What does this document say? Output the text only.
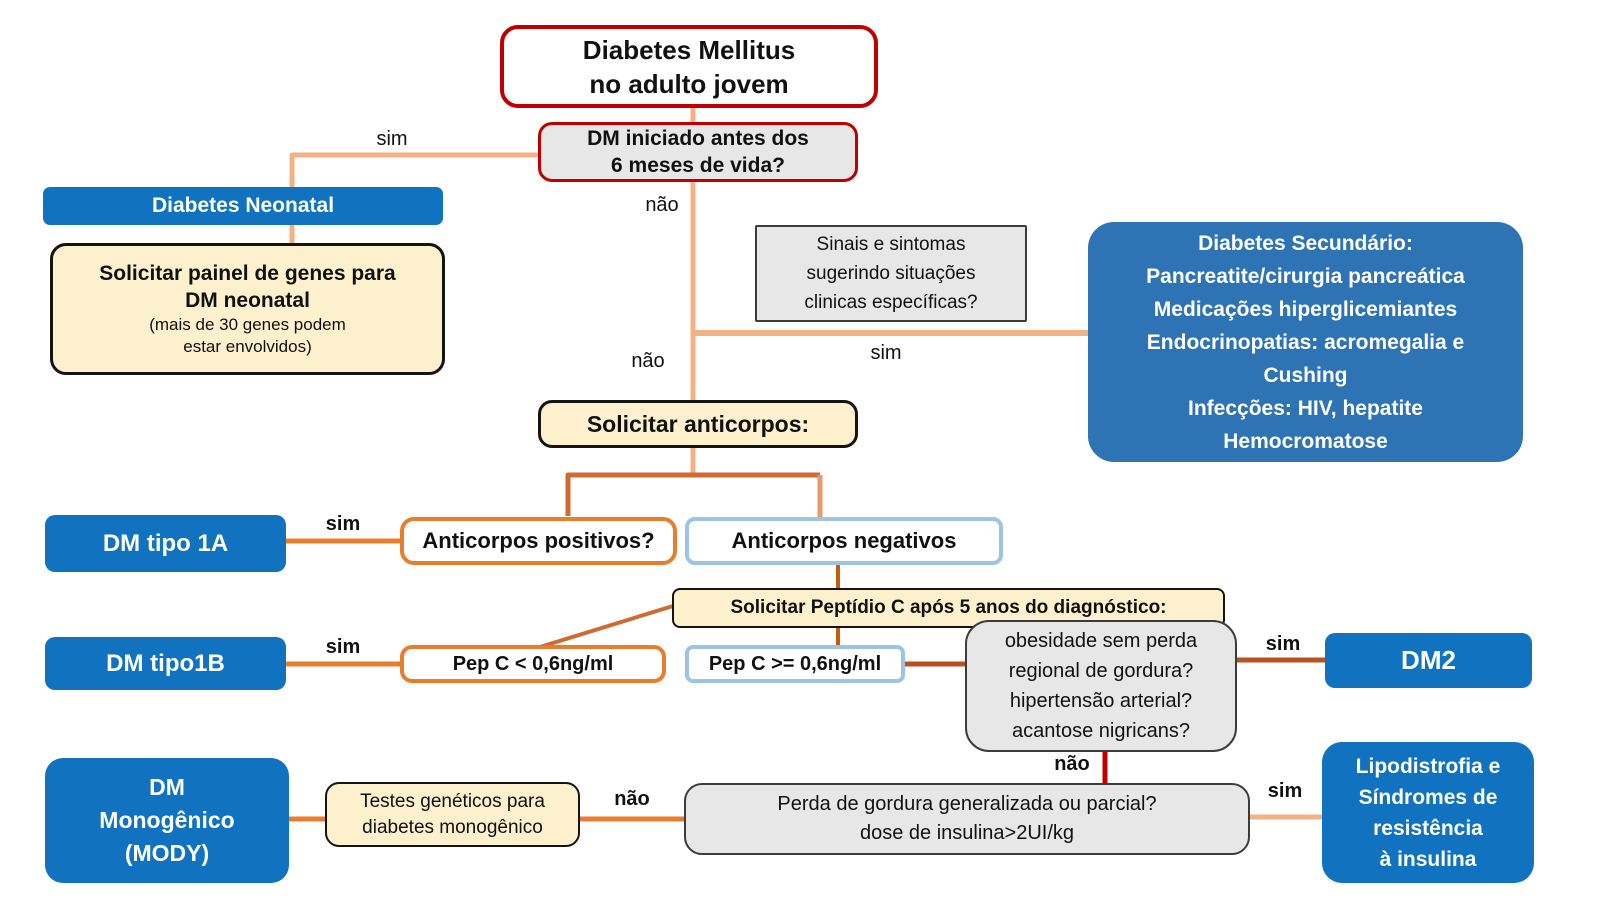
Diabetes Mellitus
no adulto jovem
DM iniciado antes dos
6 meses de vida?
Diabetes Neonatal
Solicitar painel de genes para
DM neonatal
(mais de 30 genes podem
estar envolvidos)
Sinais e sintomas
sugerindo situações
clinicas específicas?
Diabetes Secundário:
Pancreatite/cirurgia pancreática
Medicações hiperglicemiantes
Endocrinopatias: acromegalia e
Cushing
Infecções: HIV, hepatite
Hemocromatose
Solicitar anticorpos:
DM tipo 1A	Anticorpos positivos?	Anticorpos negativos
Solicitar Peptídio C após 5 anos do diagnóstico:
DM tipo1B	Pep C < 0,6ng/ml	Pep C >= 0,6ng/ml
obesidade sem perda
regional de gordura?
hipertensão arterial?
acantose nigricans?
DM2
DM
Monogênico
(MODY)
Testes genéticos para
diabetes monogênico
Perda de gordura generalizada ou parcial?
dose de insulina>2UI/kg
Lipodistrofia e
Síndromes de
resistência
à insulina
sim
não
sim
não
sim
sim	sim
não
não	sim
